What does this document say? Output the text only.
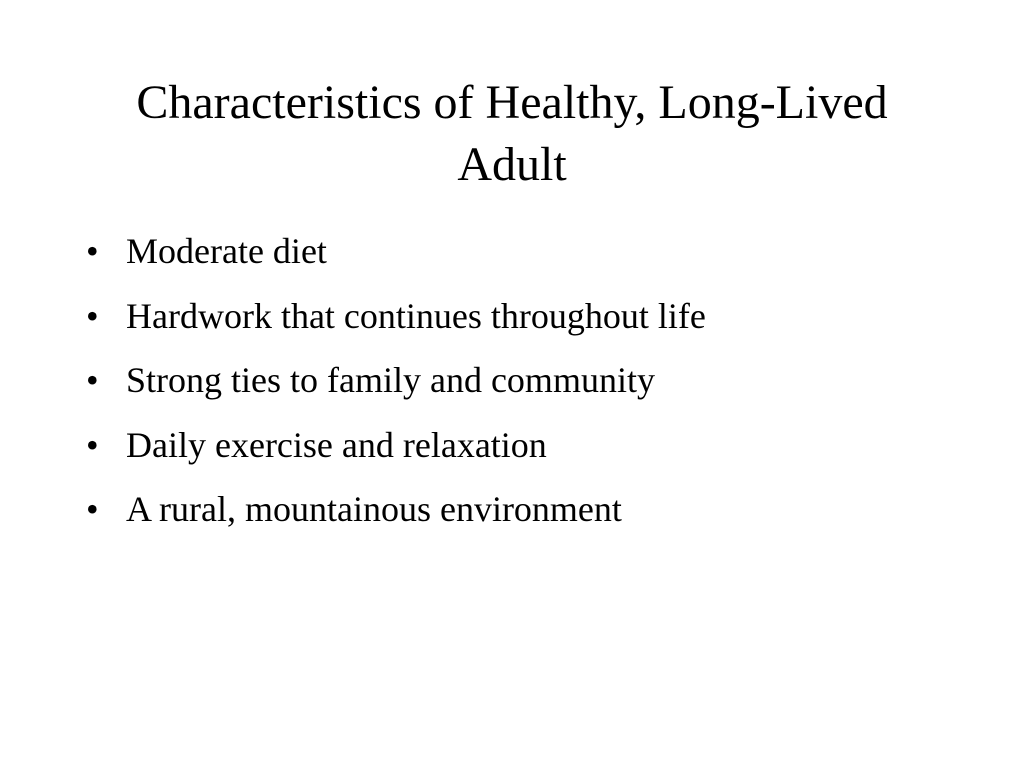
Characteristics of Healthy, Long-Lived Adult
• Moderate diet
• Hardwork that continues throughout life
• Strong ties to family and community
• Daily exercise and relaxation
• A rural, mountainous environment
